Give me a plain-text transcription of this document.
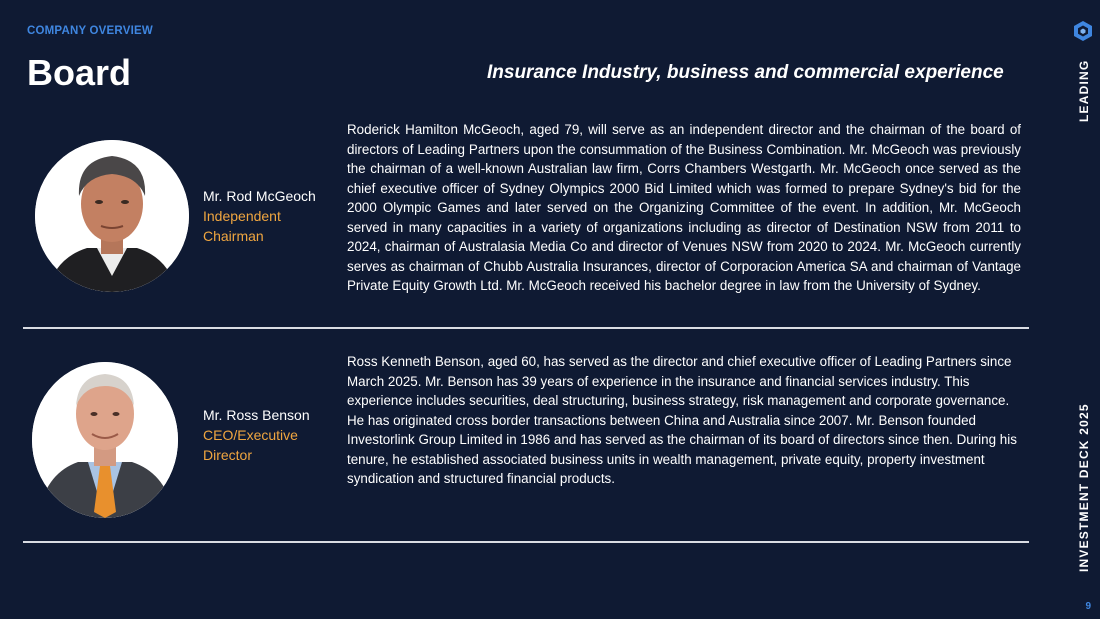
COMPANY OVERVIEW
Board	Insurance Industry, business and commercial experience	LEADING
INVESTMENT DECK 2025
9
Mr. Rod McGeoch
Independent
Chairman
Roderick Hamilton McGeoch, aged 79, will serve as an independent director and the chairman of the board of directors of Leading Partners upon the consummation of the Business Combination. Mr. McGeoch was previously the chairman of a well-known Australian law firm, Corrs Chambers Westgarth. Mr. McGeoch once served as the chief executive officer of Sydney Olympics 2000 Bid Limited which was formed to prepare Sydney's bid for the 2000 Olympic Games and later served on the Organizing Committee of the event. In addition, Mr. McGeoch served in many capacities in a variety of organizations including as director of Destination NSW from 2011 to 2024, chairman of Australasia Media Co and director of Venues NSW from 2020 to 2024. Mr. McGeoch currently serves as chairman of Chubb Australia Insurances, director of Corporacion America SA and chairman of Vantage Private Equity Growth Ltd. Mr. McGeoch received his bachelor degree in law from the University of Sydney.
Mr. Ross Benson
CEO/Executive
Director
Ross Kenneth Benson, aged 60, has served as the director and chief executive officer of Leading Partners since March 2025. Mr. Benson has 39 years of experience in the insurance and financial services industry. This experience includes securities, deal structuring, business strategy, risk management and corporate governance. He has originated cross border transactions between China and Australia since 2007. Mr. Benson founded Investorlink Group Limited in 1986 and has served as the chairman of its board of directors since then. During his tenure, he established associated business units in wealth management, private equity, property investment syndication and structured financial products.
